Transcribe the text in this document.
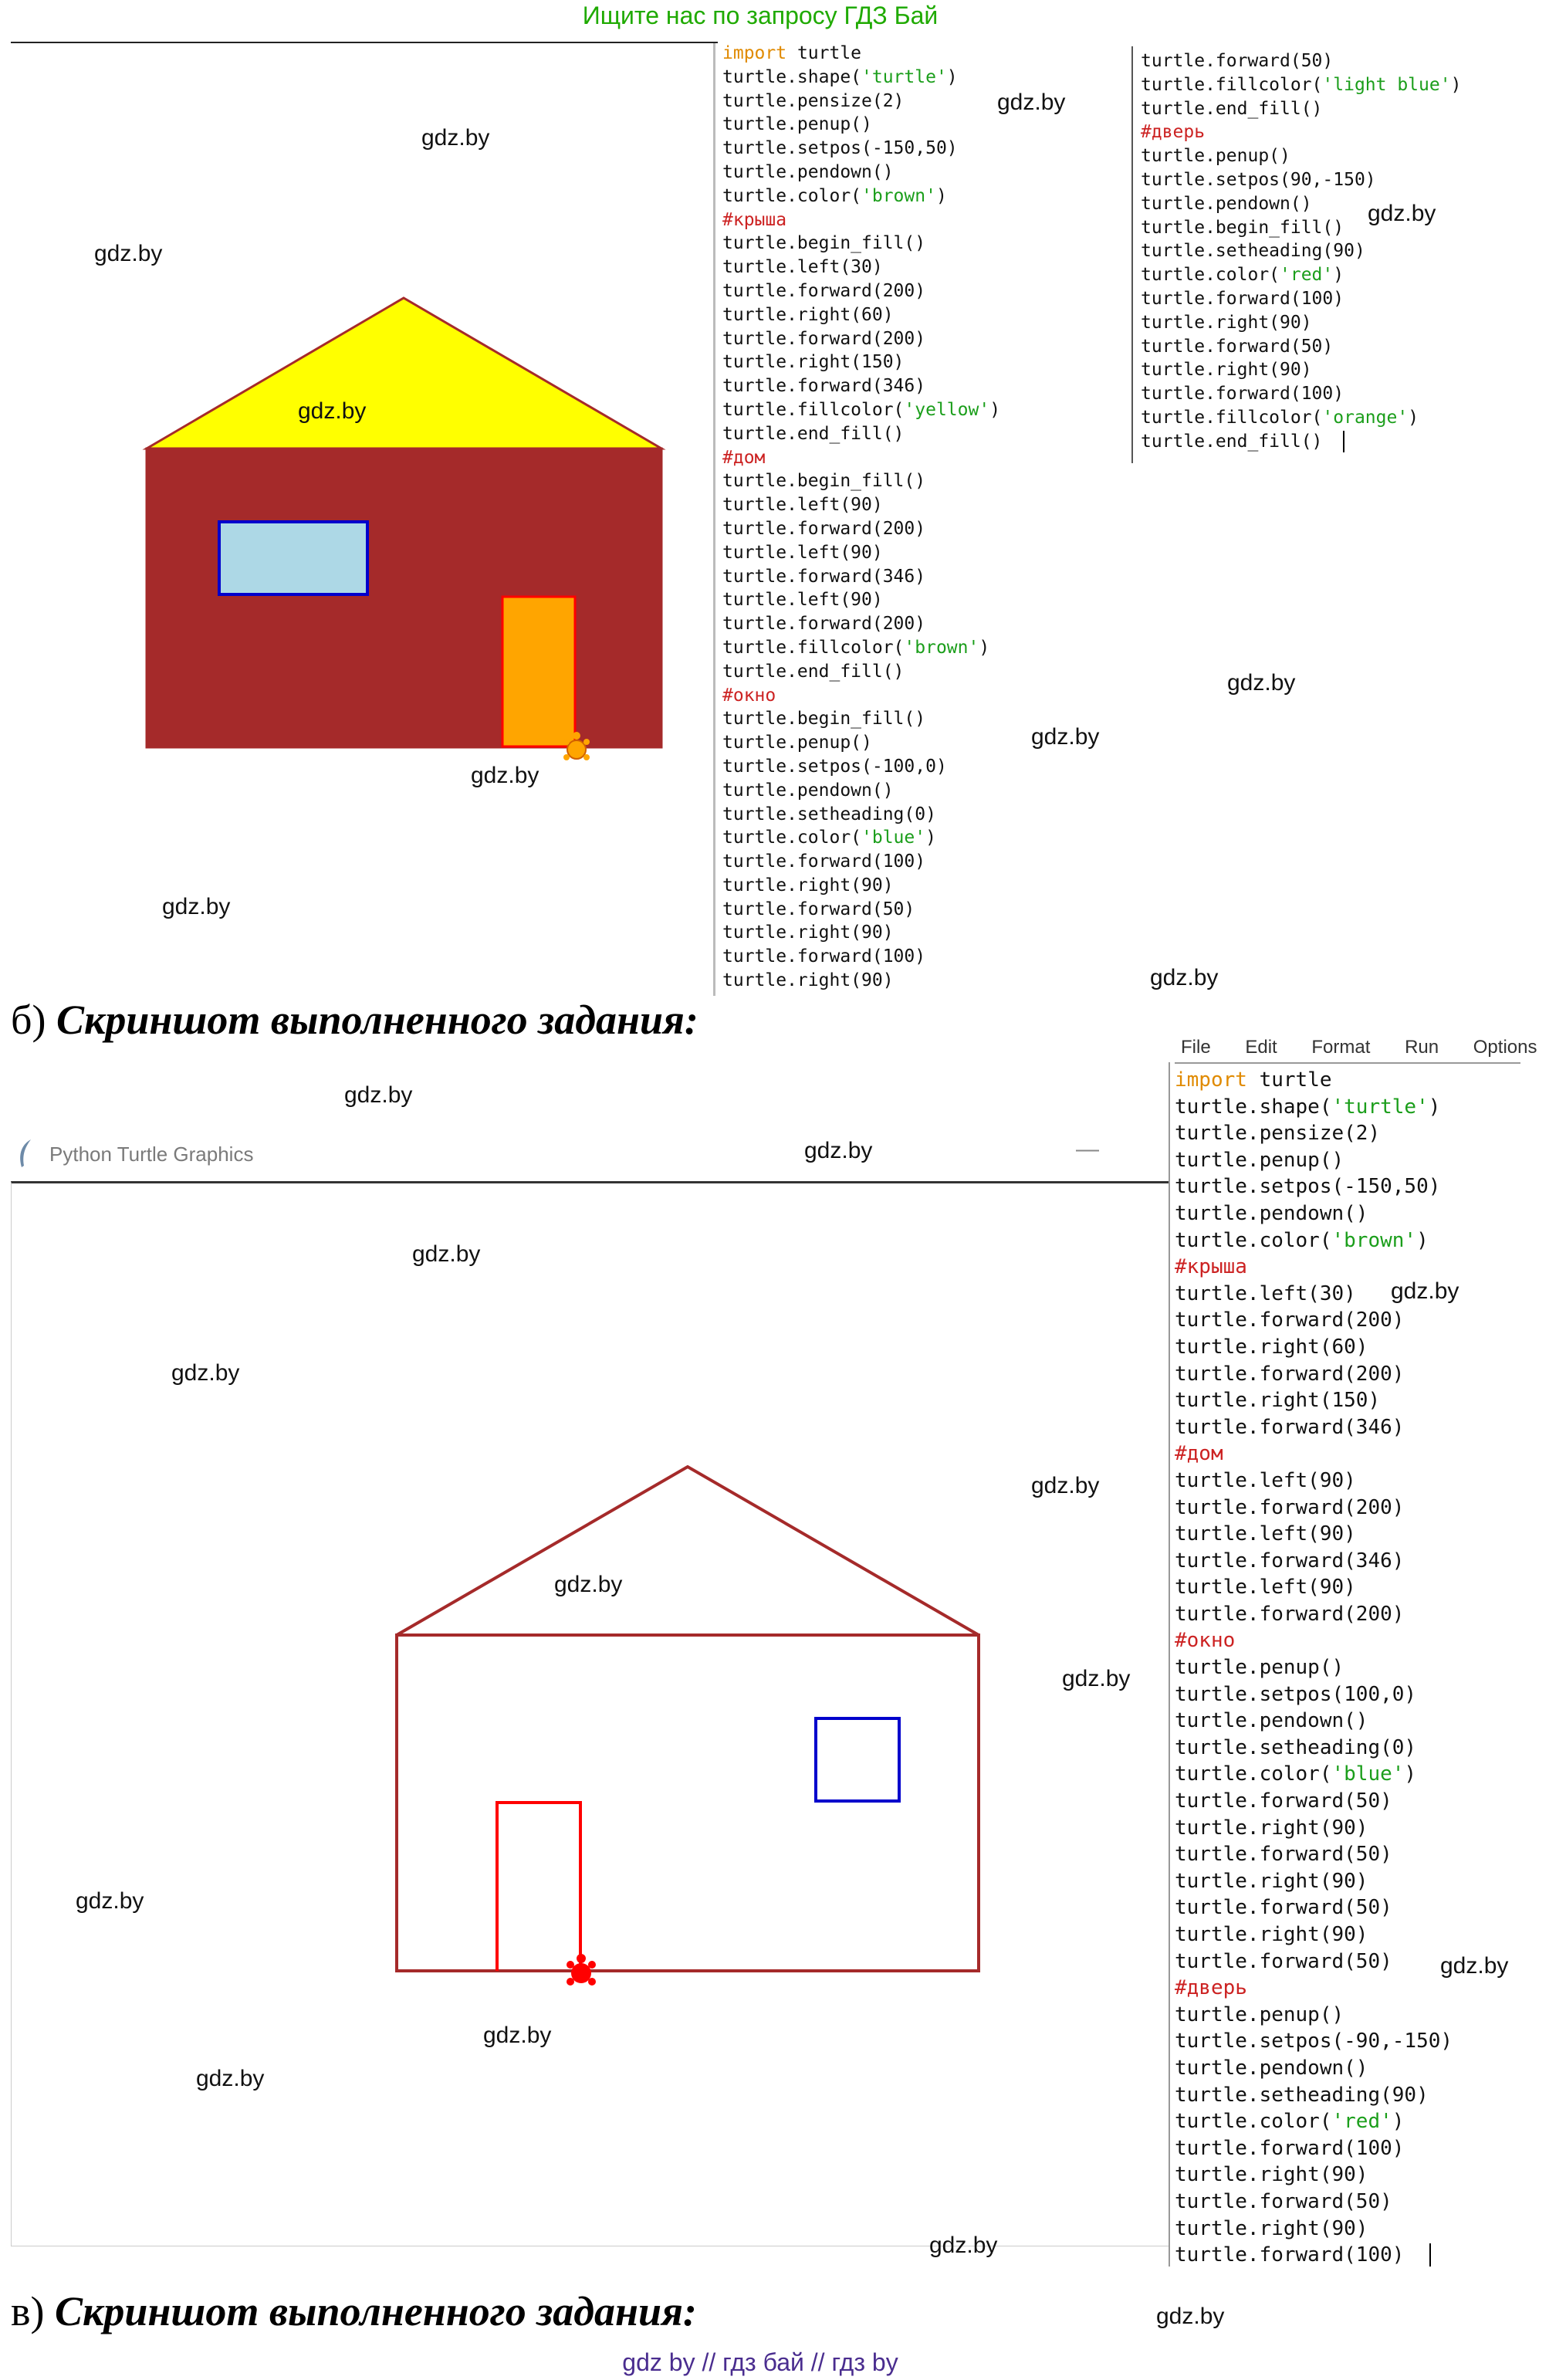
Ищите нас по запросу ГДЗ Бай
import turtle
turtle.shape('turtle')
turtle.pensize(2)
turtle.penup()
turtle.setpos(-150,50)
turtle.pendown()
turtle.color('brown')
#крыша
turtle.begin_fill()
turtle.left(30)
turtle.forward(200)
turtle.right(60)
turtle.forward(200)
turtle.right(150)
turtle.forward(346)
turtle.fillcolor('yellow')
turtle.end_fill()
#дом
turtle.begin_fill()
turtle.left(90)
turtle.forward(200)
turtle.left(90)
turtle.forward(346)
turtle.left(90)
turtle.forward(200)
turtle.fillcolor('brown')
turtle.end_fill()
#окно
turtle.begin_fill()
turtle.penup()
turtle.setpos(-100,0)
turtle.pendown()
turtle.setheading(0)
turtle.color('blue')
turtle.forward(100)
turtle.right(90)
turtle.forward(50)
turtle.right(90)
turtle.forward(100)
turtle.right(90)
turtle.forward(50)
turtle.fillcolor('light blue')
turtle.end_fill()
#дверь
turtle.penup()
turtle.setpos(90,-150)
turtle.pendown()
turtle.begin_fill()
turtle.setheading(90)
turtle.color('red')
turtle.forward(100)
turtle.right(90)
turtle.forward(50)
turtle.right(90)
turtle.forward(100)
turtle.fillcolor('orange')
turtle.end_fill()
б) Скриншот выполненного задания:
Python Turtle Graphics	—
File Edit Format Run Options
import turtle
turtle.shape('turtle')
turtle.pensize(2)
turtle.penup()
turtle.setpos(-150,50)
turtle.pendown()
turtle.color('brown')
#крыша
turtle.left(30)
turtle.forward(200)
turtle.right(60)
turtle.forward(200)
turtle.right(150)
turtle.forward(346)
#дом
turtle.left(90)
turtle.forward(200)
turtle.left(90)
turtle.forward(346)
turtle.left(90)
turtle.forward(200)
#окно
turtle.penup()
turtle.setpos(100,0)
turtle.pendown()
turtle.setheading(0)
turtle.color('blue')
turtle.forward(50)
turtle.right(90)
turtle.forward(50)
turtle.right(90)
turtle.forward(50)
turtle.right(90)
turtle.forward(50)
#дверь
turtle.penup()
turtle.setpos(-90,-150)
turtle.pendown()
turtle.setheading(90)
turtle.color('red')
turtle.forward(100)
turtle.right(90)
turtle.forward(50)
turtle.right(90)
turtle.forward(100)
в) Скриншот выполненного задания:
gdz.by
gdz.by
gdz.by
gdz.by
gdz.by
gdz.by
gdz.by
gdz.by
gdz.by
gdz.by
gdz.by
gdz.by
gdz.by
gdz.by
gdz.by
gdz.by
gdz.by
gdz.by
gdz.by
gdz.by
gdz.by
gdz.by
gdz.by
gdz.by
gdz by // гдз бай // гдз by
